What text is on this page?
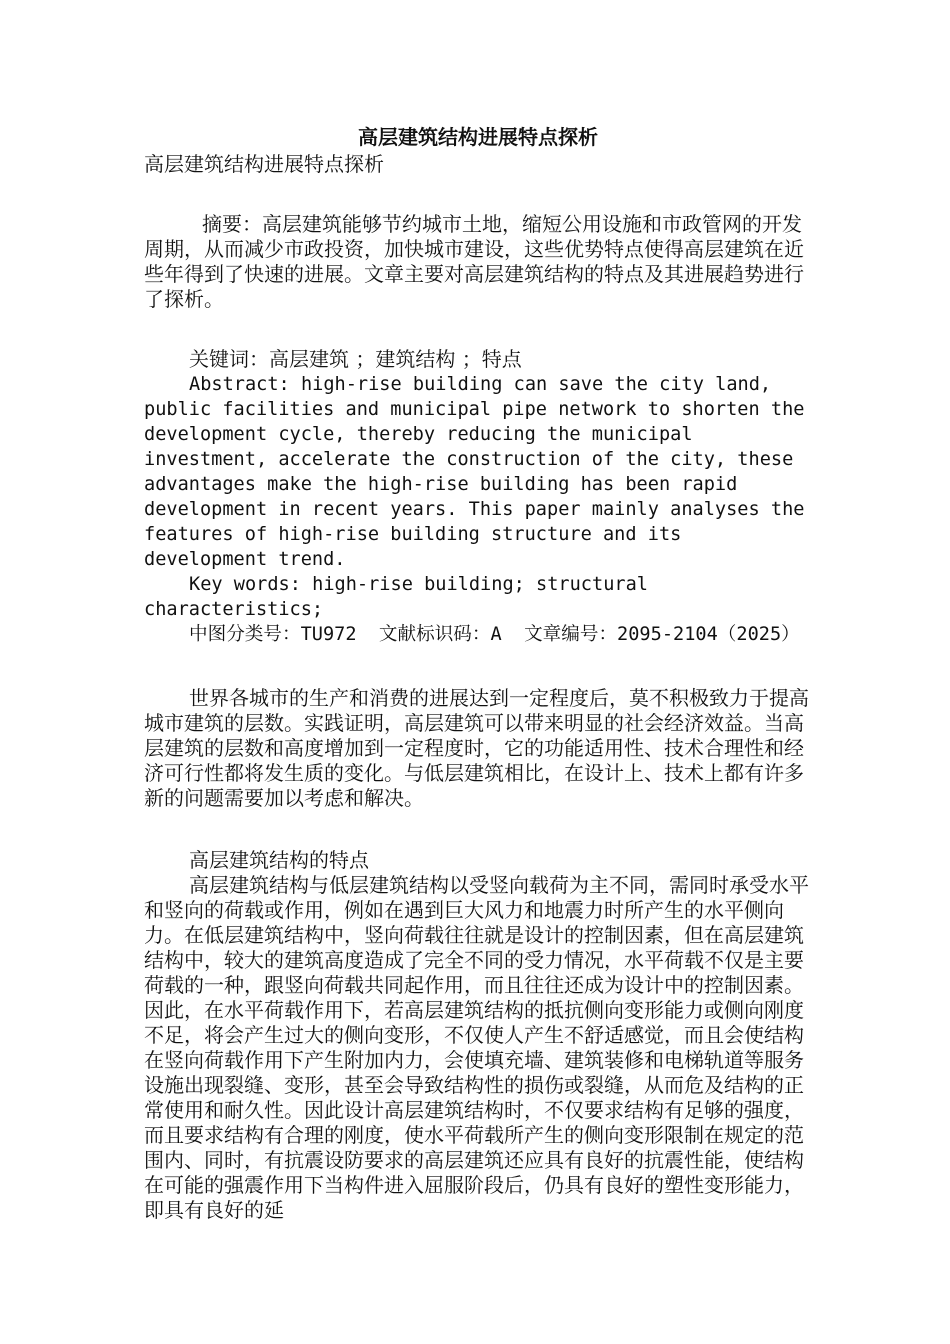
高层建筑结构进展特点探析

高层建筑结构进展特点探析

摘要：高层建筑能够节约城市土地，缩短公用设施和市政管网的开发周期，从而减少市政投资，加快城市建设，这些优势特点使得高层建筑在近些年得到了快速的进展。文章主要对高层建筑结构的特点及其进展趋势进行了探析。

关键词：高层建筑 ；建筑结构 ；特点

Abstract: high-rise building can save the city land, public facilities and municipal pipe network to shorten the development cycle, thereby reducing the municipal investment, accelerate the construction of the city, these advantages make the high-rise building has been rapid development in recent years. This paper mainly analyses the features of high-rise building structure and its development trend.

Key words: high-rise building; structural characteristics;

中图分类号：TU972  文献标识码：A  文章编号：2095-2104（2025）

世界各城市的生产和消费的进展达到一定程度后，莫不积极致力于提高城市建筑的层数。实践证明，高层建筑可以带来明显的社会经济效益。当高层建筑的层数和高度增加到一定程度时，它的功能适用性、技术合理性和经济可行性都将发生质的变化。与低层建筑相比，在设计上、技术上都有许多新的问题需要加以考虑和解决。

高层建筑结构的特点

高层建筑结构与低层建筑结构以受竖向载荷为主不同，需同时承受水平和竖向的荷载或作用，例如在遇到巨大风力和地震力时所产生的水平侧向力。在低层建筑结构中，竖向荷载往往就是设计的控制因素，但在高层建筑结构中，较大的建筑高度造成了完全不同的受力情况，水平荷载不仅是主要荷载的一种，跟竖向荷载共同起作用，而且往往还成为设计中的控制因素。因此，在水平荷载作用下，若高层建筑结构的抵抗侧向变形能力或侧向刚度不足，将会产生过大的侧向变形，不仅使人产生不舒适感觉，而且会使结构在竖向荷载作用下产生附加内力，会使填充墙、建筑装修和电梯轨道等服务设施出现裂缝、变形，甚至会导致结构性的损伤或裂缝，从而危及结构的正常使用和耐久性。因此设计高层建筑结构时，不仅要求结构有足够的强度，而且要求结构有合理的刚度，使水平荷载所产生的侧向变形限制在规定的范围内、同时，有抗震设防要求的高层建筑还应具有良好的抗震性能，使结构在可能的强震作用下当构件进入屈服阶段后，仍具有良好的塑性变形能力，即具有良好的延
